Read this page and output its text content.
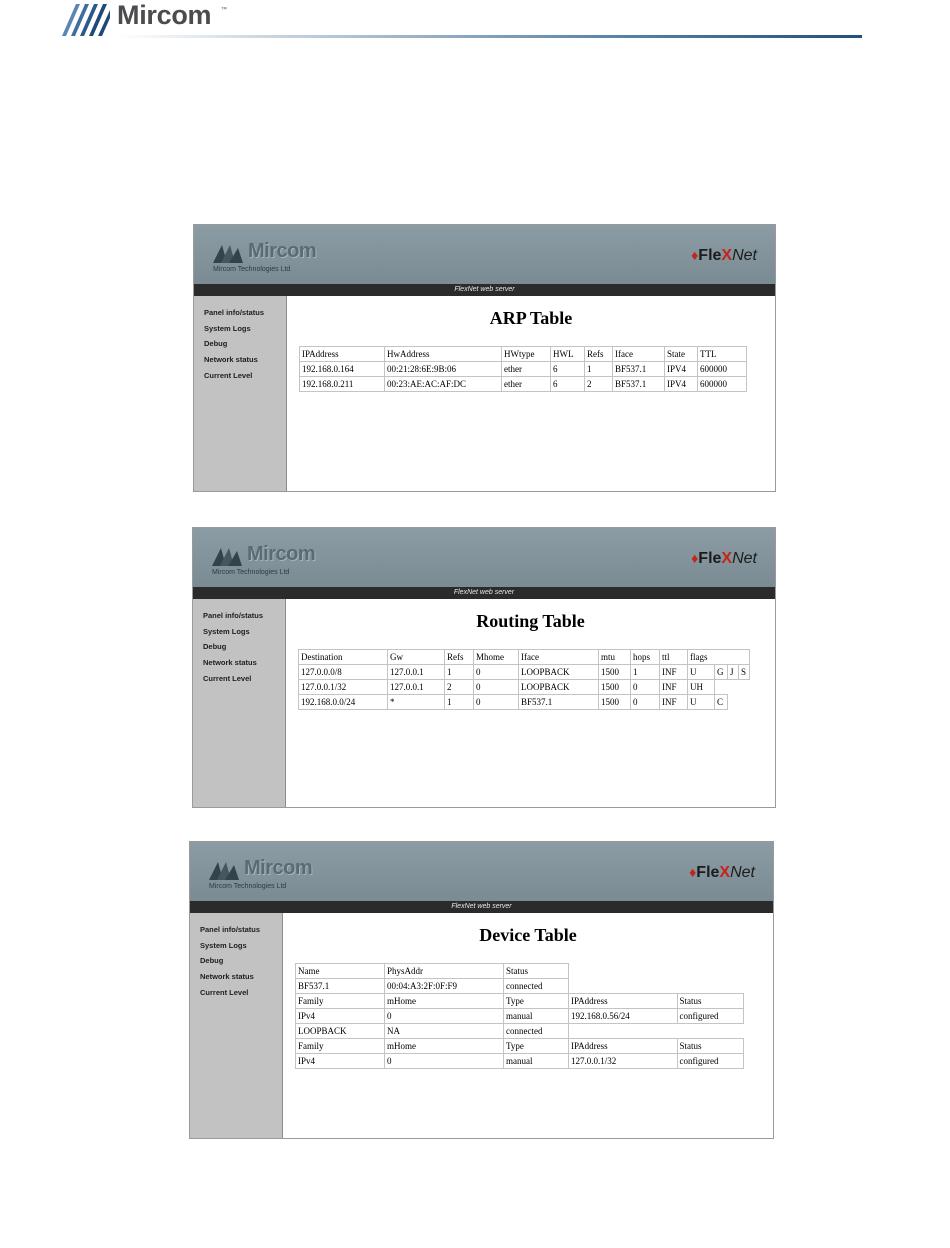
Mircom ™
Mircom
Mircom Technologies Ltd
♦FleXNet
FlexNet web server
Panel info/status
System Logs
Debug
Network status
Current Level
ARP Table
IPAddress	HwAddress	HWtype	HWL	Refs	Iface	State	TTL
192.168.0.164	00:21:28:6E:9B:06	ether	6	1	BF537.1	IPV4	600000
192.168.0.211	00:23:AE:AC:AF:DC	ether	6	2	BF537.1	IPV4	600000
Mircom
Mircom Technologies Ltd
♦FleXNet
FlexNet web server
Panel info/status
System Logs
Debug
Network status
Current Level
Routing Table
Destination	Gw	Refs	Mhome	Iface	mtu	hops	ttl	flags			
127.0.0.0/8	127.0.0.1	1	0	LOOPBACK	1500	1	INF	U	G	J	S
127.0.0.1/32	127.0.0.1	2	0	LOOPBACK	1500	0	INF	UH			
192.168.0.0/24	*	1	0	BF537.1	1500	0	INF	U	C		
Mircom
Mircom Technologies Ltd
♦FleXNet
FlexNet web server
Panel info/status
System Logs
Debug
Network status
Current Level
Device Table
Name	PhysAddr	Status		
BF537.1	00:04:A3:2F:0F:F9	connected		
Family	mHome	Type	IPAddress	Status
IPv4	0	manual	192.168.0.56/24	configured
LOOPBACK	NA	connected		
Family	mHome	Type	IPAddress	Status
IPv4	0	manual	127.0.0.1/32	configured
